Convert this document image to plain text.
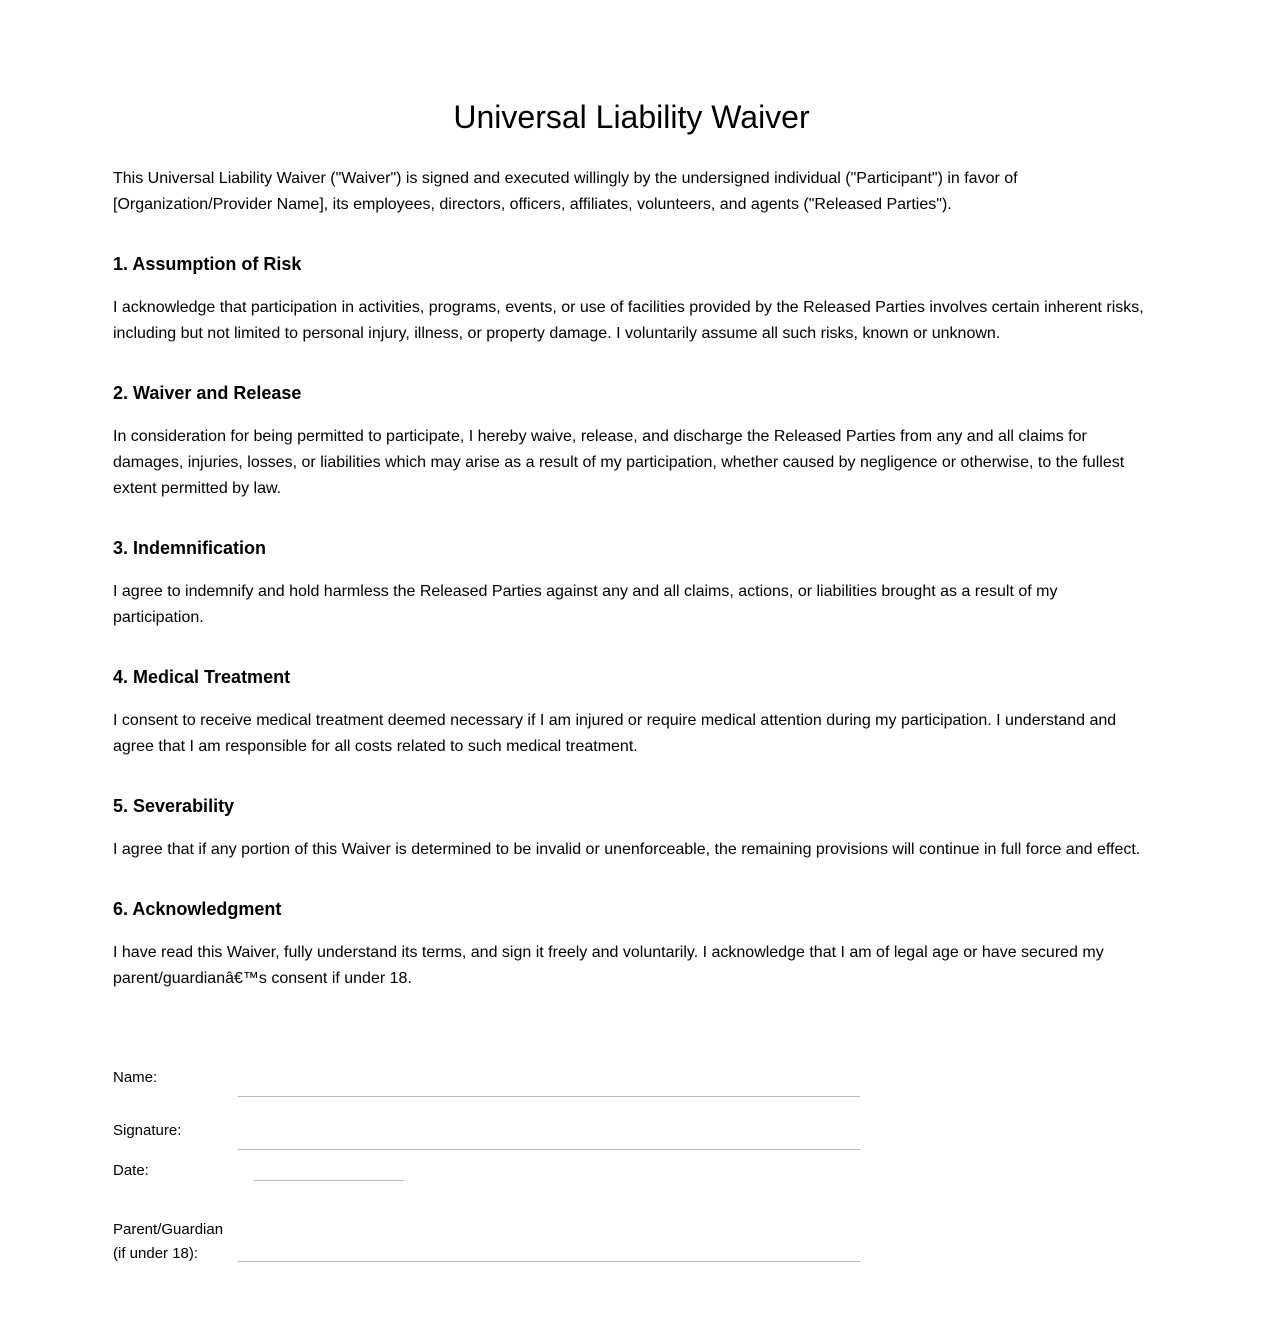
Universal Liability Waiver

This Universal Liability Waiver ("Waiver") is signed and executed willingly by the undersigned individual ("Participant") in favor of [Organization/Provider Name], its employees, directors, officers, affiliates, volunteers, and agents ("Released Parties").

1. Assumption of Risk

I acknowledge that participation in activities, programs, events, or use of facilities provided by the Released Parties involves certain inherent risks, including but not limited to personal injury, illness, or property damage. I voluntarily assume all such risks, known or unknown.

2. Waiver and Release

In consideration for being permitted to participate, I hereby waive, release, and discharge the Released Parties from any and all claims for damages, injuries, losses, or liabilities which may arise as a result of my participation, whether caused by negligence or otherwise, to the fullest extent permitted by law.

3. Indemnification

I agree to indemnify and hold harmless the Released Parties against any and all claims, actions, or liabilities brought as a result of my participation.

4. Medical Treatment

I consent to receive medical treatment deemed necessary if I am injured or require medical attention during my participation. I understand and agree that I am responsible for all costs related to such medical treatment.

5. Severability

I agree that if any portion of this Waiver is determined to be invalid or unenforceable, the remaining provisions will continue in full force and effect.

6. Acknowledgment

I have read this Waiver, fully understand its terms, and sign it freely and voluntarily. I acknowledge that I am of legal age or have secured my parent/guardianâ€™s consent if under 18.

Name:
Signature:
Date:
Parent/Guardian
(if under 18):
